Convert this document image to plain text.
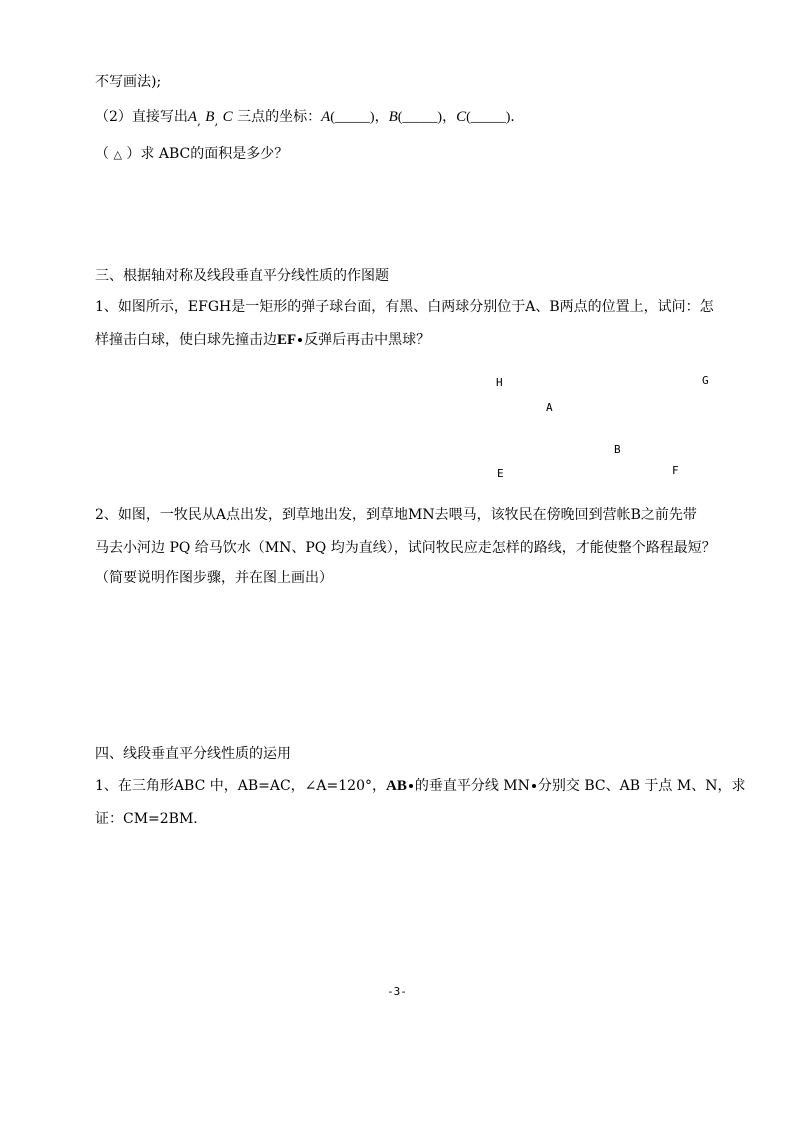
不写画法);
（2）直接写出$A_,$ $B_,$ C 三点的坐标：A(_____)，B(_____)，C(_____)．
（ △ ）求 ABC的面积是多少？
三、根据轴对称及线段垂直平分线性质的作图题
1、如图所示，EFGH是一矩形的弹子球台面，有黑、白两球分别位于A、B两点的位置上，试问：怎
样撞击白球，使白球先撞击边EF 反弹后再击中黑球？
H	G
A
B
E	F
2、如图，一牧民从A点出发，到草地出发，到草地MN去喂马，该牧民在傍晚回到营帐B之前先带
马去小河边 PQ 给马饮水（MN、PQ 均为直线），试问牧民应走怎样的路线，才能使整个路程最短？
（简要说明作图步骤，并在图上画出）
四、线段垂直平分线性质的运用
1、在三角形ABC 中，AB=AC，∠A=120°，AB 的垂直平分线 MN 分别交 BC、AB 于点 M、N，求
证：CM=2BM.
-3-
